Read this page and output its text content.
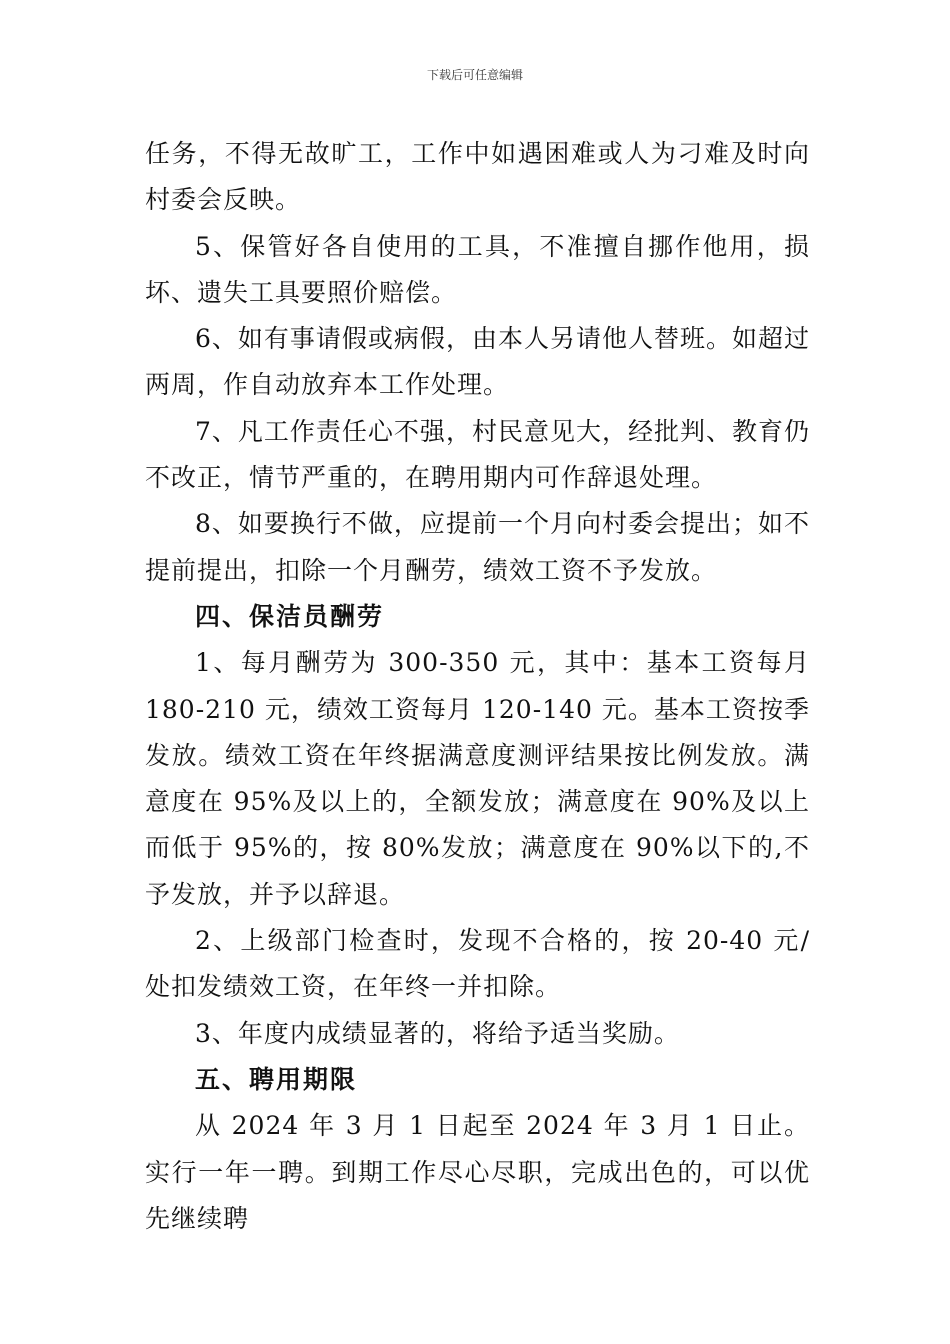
下载后可任意编辑

任务，不得无故旷工，工作中如遇困难或人为刁难及时向村委会反映。

5、保管好各自使用的工具，不准擅自挪作他用，损坏、遗失工具要照价赔偿。

6、如有事请假或病假，由本人另请他人替班。如超过两周，作自动放弃本工作处理。

7、凡工作责任心不强，村民意见大，经批判、教育仍不改正，情节严重的，在聘用期内可作辞退处理。

8、如要换行不做，应提前一个月向村委会提出；如不提前提出，扣除一个月酬劳，绩效工资不予发放。

四、保洁员酬劳

1、每月酬劳为 300-350 元，其中：基本工资每月 180-210 元，绩效工资每月 120-140 元。基本工资按季发放。绩效工资在年终据满意度测评结果按比例发放。满意度在 95%及以上的，全额发放；满意度在 90%及以上而低于 95%的，按 80%发放；满意度在 90%以下的,不予发放，并予以辞退。

2、上级部门检查时，发现不合格的，按 20-40 元/处扣发绩效工资，在年终一并扣除。

3、年度内成绩显著的，将给予适当奖励。

五、聘用期限

从 2024 年 3 月 1 日起至 2024 年 3 月 1 日止。实行一年一聘。到期工作尽心尽职，完成出色的，可以优先继续聘
